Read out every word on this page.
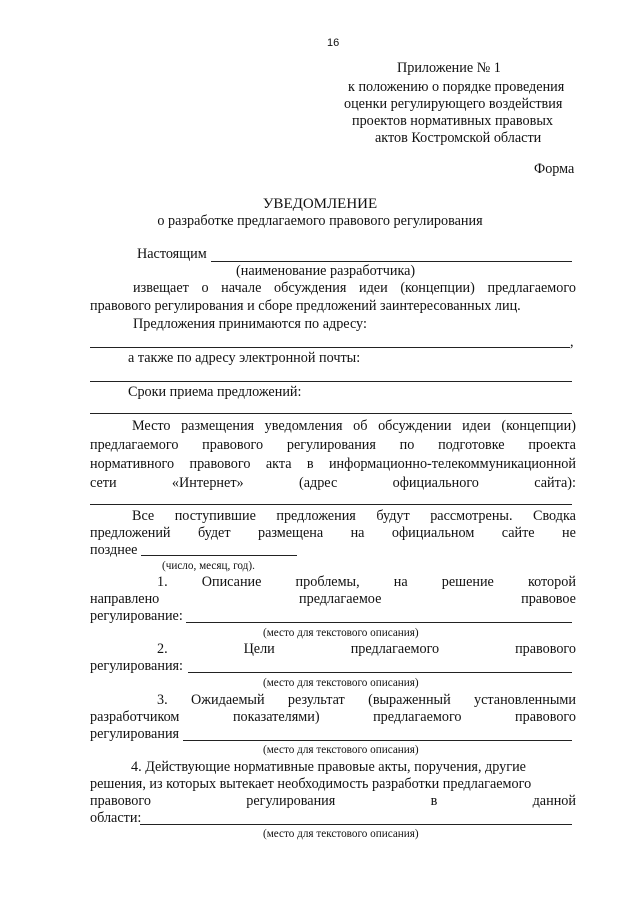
16
Приложение № 1
к положению о порядке проведения
оценки регулирующего воздействия
проектов нормативных правовых
актов Костромской области
Форма
УВЕДОМЛЕНИЕ
о разработке предлагаемого правового регулирования
Настоящим
(наименование разработчика)
извещает о начале обсуждения идеи (концепции) предлагаемого
правового регулирования и сборе предложений заинтересованных лиц.
Предложения принимаются по адресу:
,
а также по адресу электронной почты:
Сроки приема предложений:
Место размещения уведомления об обсуждении идеи (концепции)
предлагаемого правового регулирования по подготовке проекта
нормативного правового акта в информационно-телекоммуникационной
сети	«Интернет»	(адрес	официального	сайта):
Все поступившие предложения будут рассмотрены. Сводка
предложений будет размещена на официальном сайте не
позднее
(число, месяц, год).
1. Описание проблемы, на решение которой
направлено	предлагаемое	правовое
регулирование:
(место для текстового описания)
2.	Цели	предлагаемого	правового
регулирования:
(место для текстового описания)
3. Ожидаемый результат (выраженный установленными
разработчиком	показателями)	предлагаемого	правового
регулирования
(место для текстового описания)
4. Действующие нормативные правовые акты, поручения, другие
решения, из которых вытекает необходимость разработки предлагаемого
правового	регулирования	в	данной
области:
(место для текстового описания)
